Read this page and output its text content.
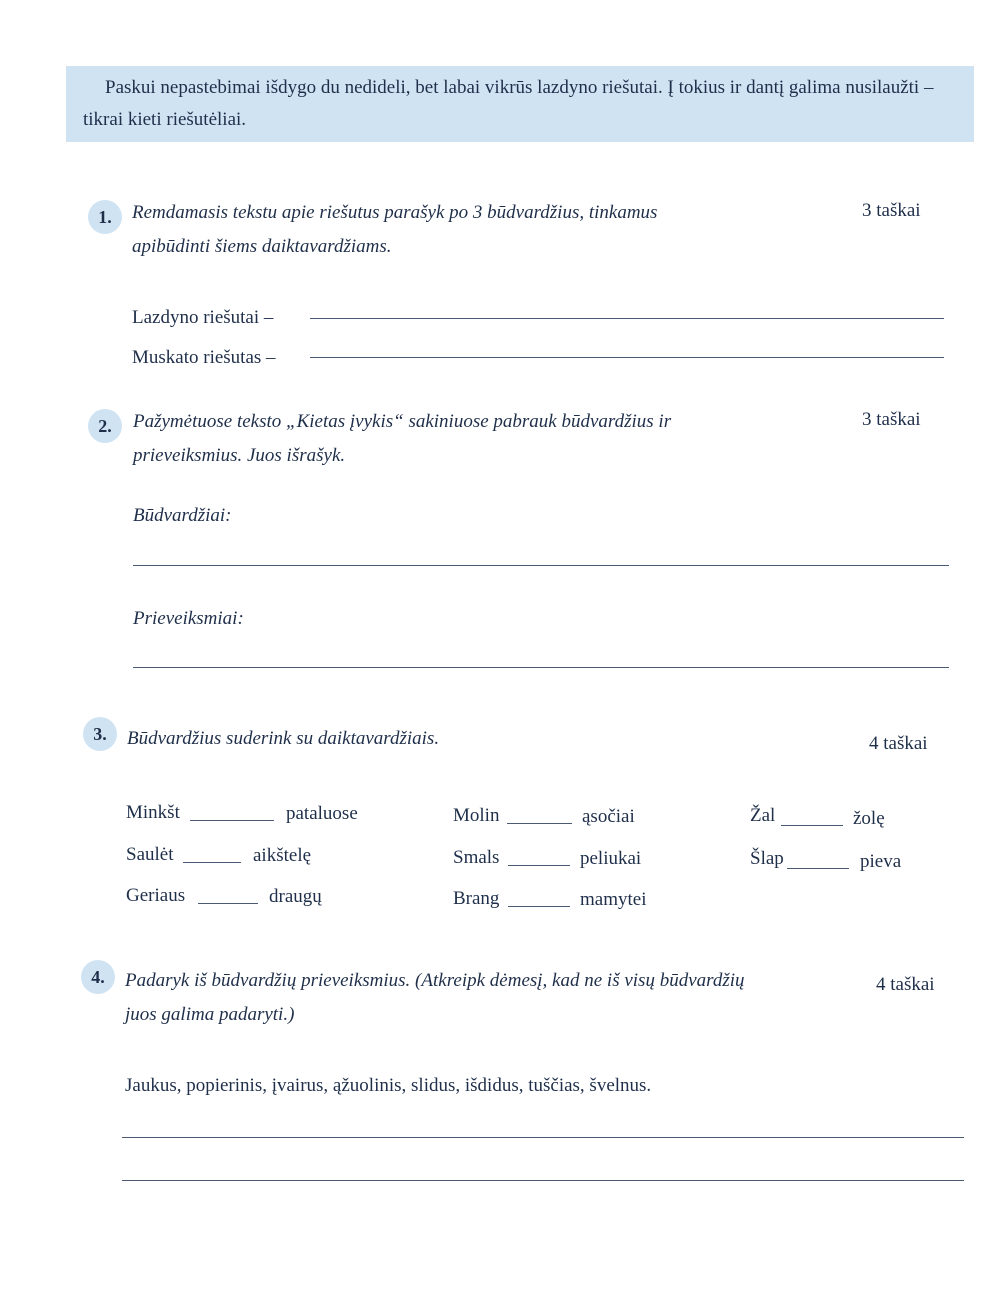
Paskui nepastebimai išdygo du nedideli, bet labai vikrūs lazdyno riešutai. Į tokius ir dantį galima nusilaužti – tikrai kieti riešutėliai.
1.	Remdamasis tekstu apie riešutus parašyk po 3 būdvardžius, tinkamus apibūdinti šiems daiktavardžiams.
3 taškai
Lazdyno riešutai –
Muskato riešutas –
2.	Pažymėtuose teksto „Kietas įvykis“ sakiniuose pabrauk būdvardžius ir prieveiksmius. Juos išrašyk.
3 taškai
Būdvardžiai:
Prieveiksmiai:
3.	Būdvardžius suderink su daiktavardžiais.	4 taškai
Minkšt	pataluose
Saulėt	aikštelę
Geriaus	draugų
Molin	ąsočiai
Smals	peliukai
Brang	mamytei
Žal	žolę
Šlap	pieva
4.	Padaryk iš būdvardžių prieveiksmius. (Atkreipk dėmesį, kad ne iš visų būdvardžių juos galima padaryti.)
4 taškai
Jaukus, popierinis, įvairus, ąžuolinis, slidus, išdidus, tuščias, švelnus.
